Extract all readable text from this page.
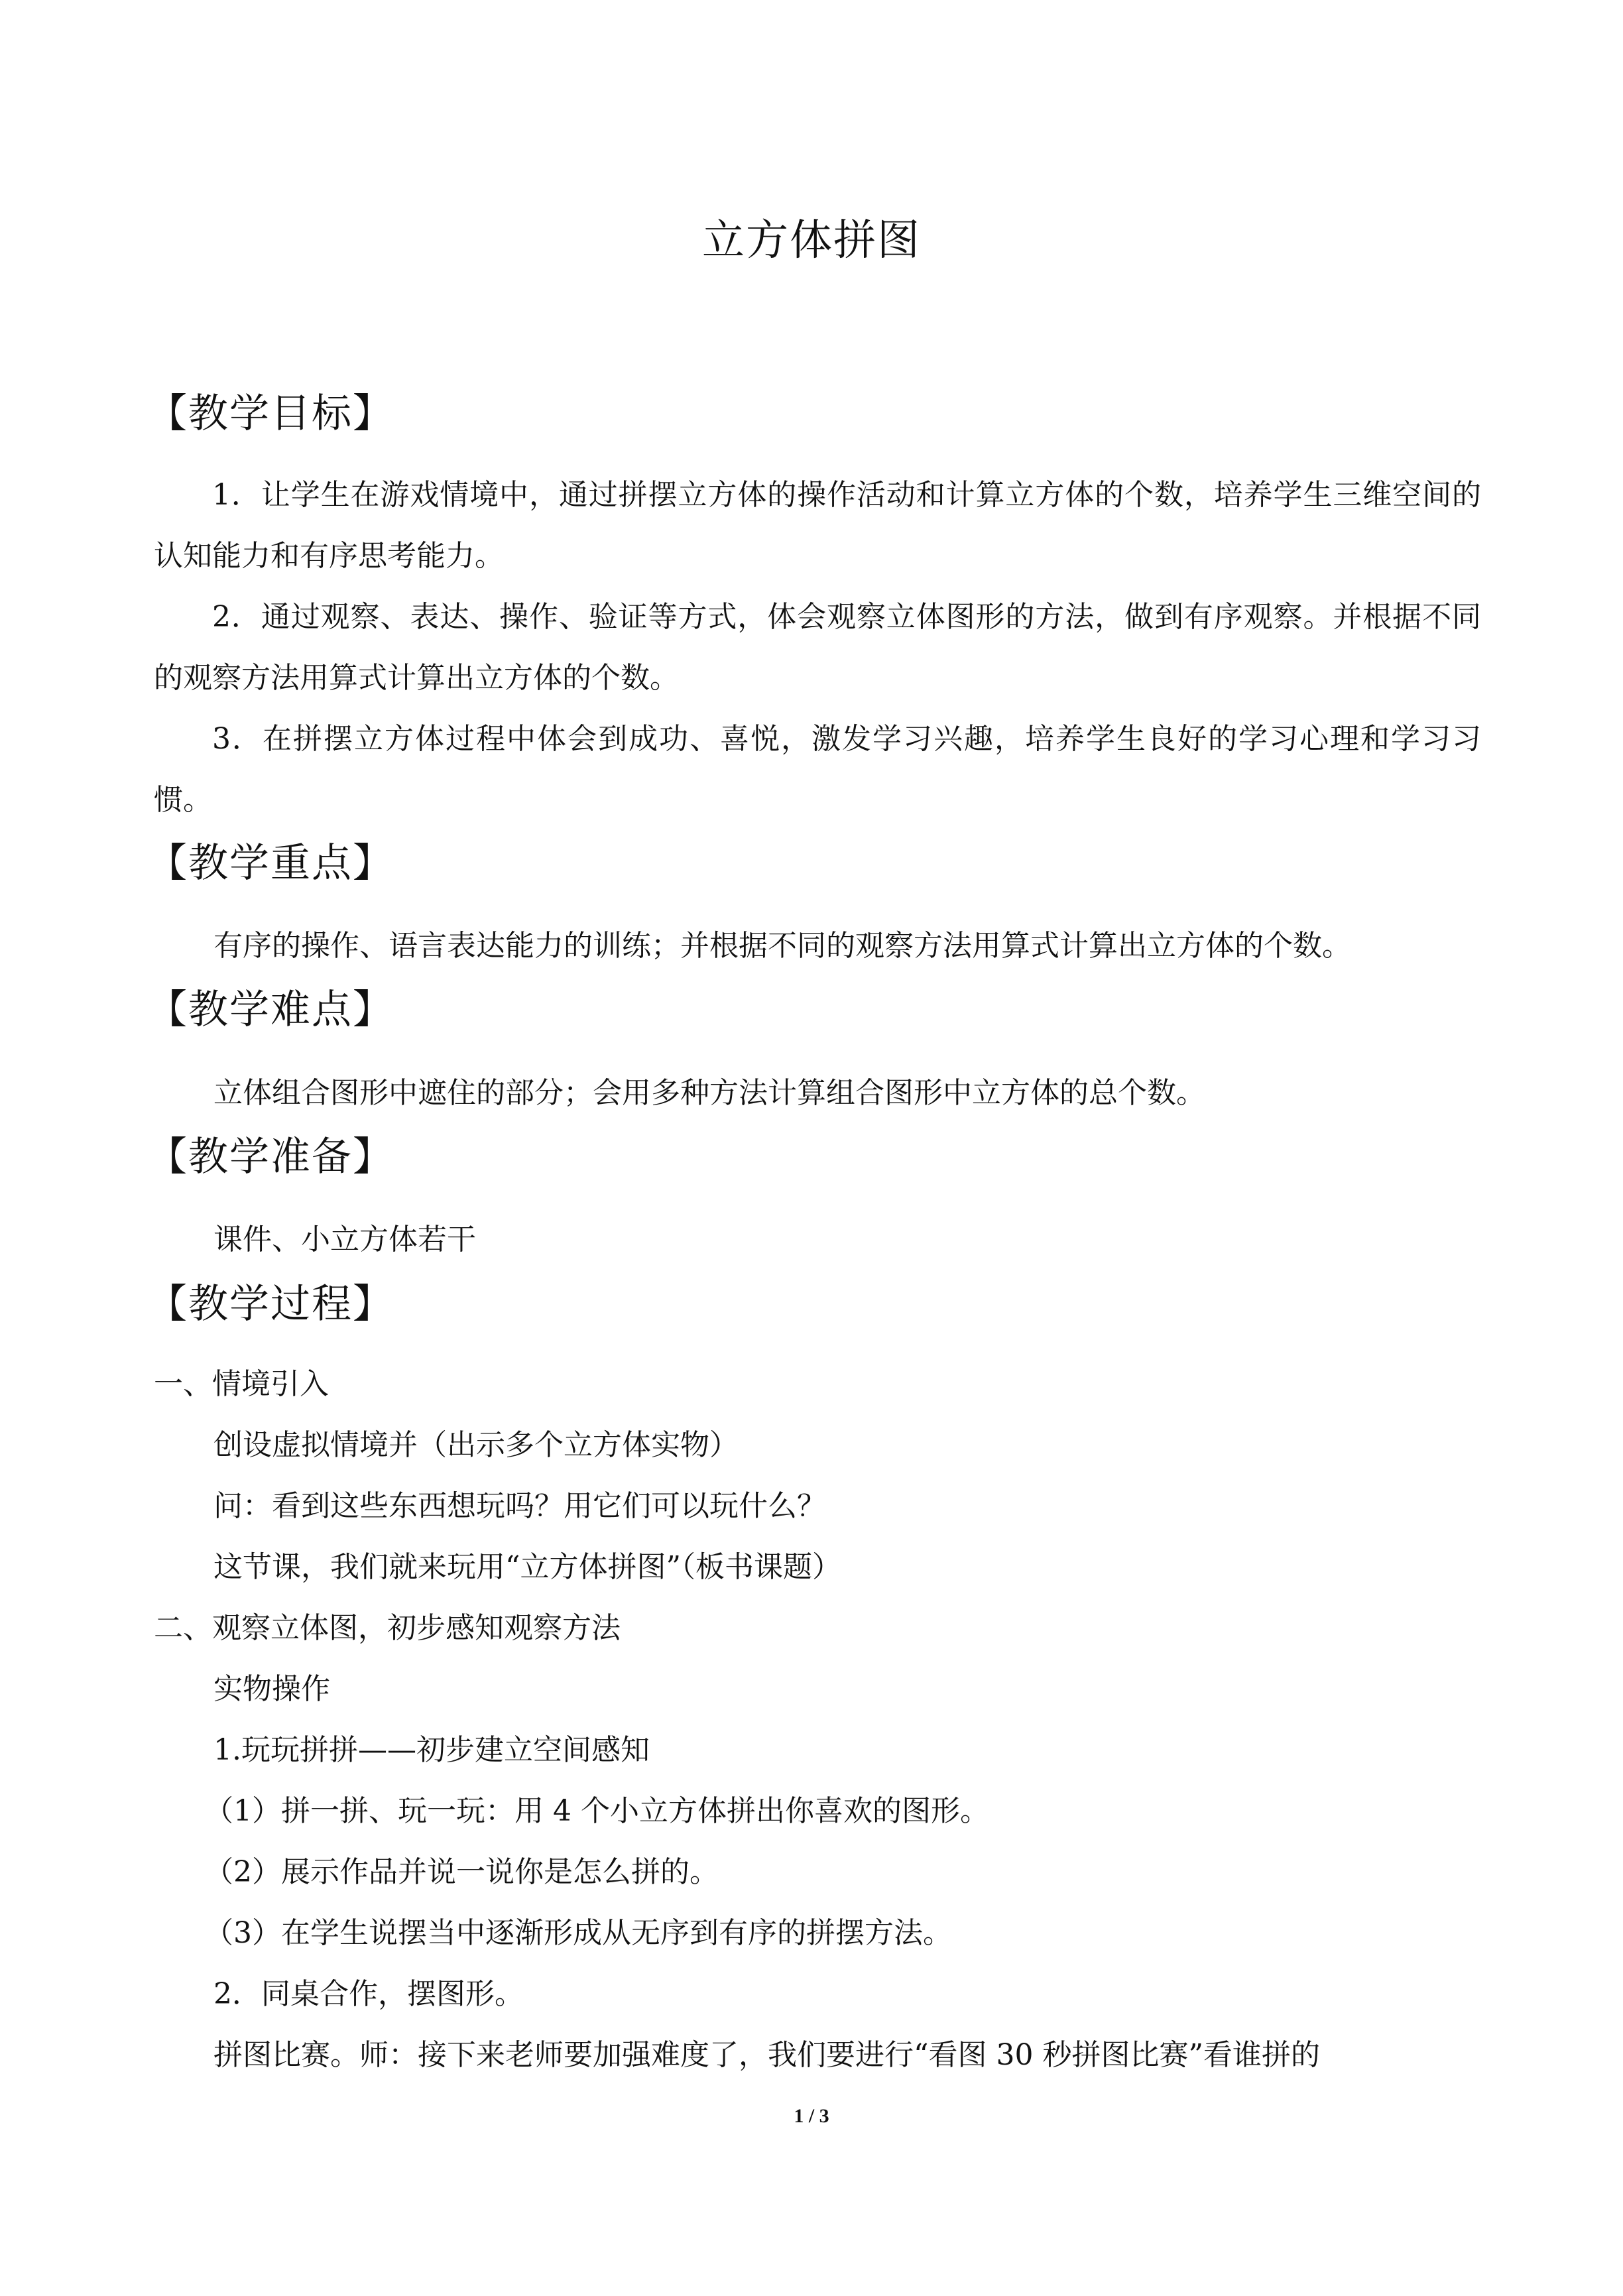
立方体拼图
【教学目标】

1．让学生在游戏情境中，通过拼摆立方体的操作活动和计算立方体的个数，培养学生三维空间的认知能力和有序思考能力。

2．通过观察、表达、操作、验证等方式，体会观察立体图形的方法，做到有序观察。并根据不同的观察方法用算式计算出立方体的个数。

3．在拼摆立方体过程中体会到成功、喜悦，激发学习兴趣，培养学生良好的学习心理和学习习惯。

【教学重点】
有序的操作、语言表达能力的训练；并根据不同的观察方法用算式计算出立方体的个数。
【教学难点】
立体组合图形中遮住的部分；会用多种方法计算组合图形中立方体的总个数。
【教学准备】
课件、小立方体若干
【教学过程】
一、情境引入
创设虚拟情境并（出示多个立方体实物）
问：看到这些东西想玩吗？用它们可以玩什么？
这节课，我们就来玩用“立方体拼图”（板书课题）
二、观察立体图，初步感知观察方法
实物操作
1.玩玩拼拼——初步建立空间感知
（1）拼一拼、玩一玩：用 4 个小立方体拼出你喜欢的图形。
（2）展示作品并说一说你是怎么拼的。
（3）在学生说摆当中逐渐形成从无序到有序的拼摆方法。
2．同桌合作，摆图形。
拼图比赛。师：接下来老师要加强难度了，我们要进行“看图 30 秒拼图比赛”看谁拼的
1 / 3
